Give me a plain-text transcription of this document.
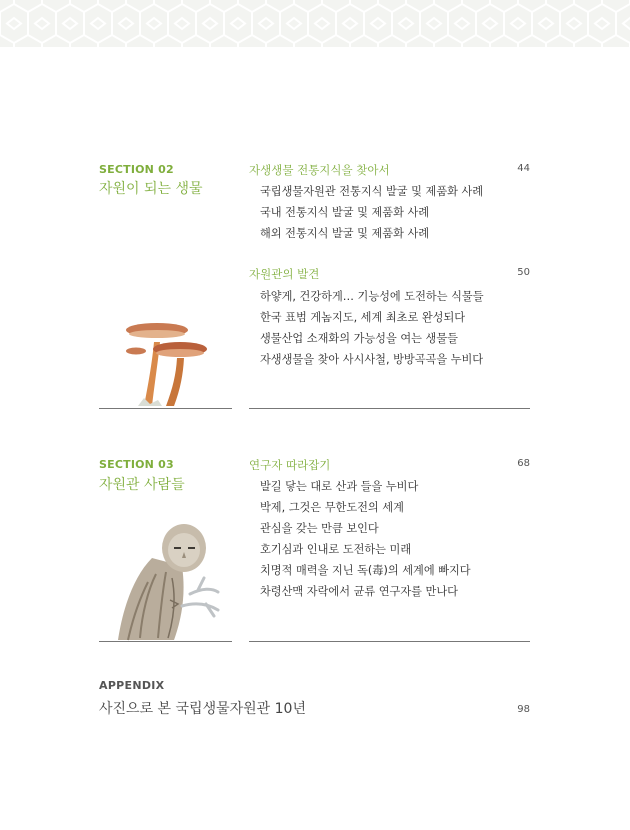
SECTION 02
자원이 되는 생물
자생생물 전통지식을 찾아서	44
국립생물자원관 전통지식 발굴 및 제품화 사례
국내 전통지식 발굴 및 제품화 사례
해외 전통지식 발굴 및 제품화 사례
자원관의 발견	50
하얗게, 건강하게… 기능성에 도전하는 식물들
한국 표범 게놈지도, 세계 최초로 완성되다
생물산업 소재화의 가능성을 여는 생물들
자생생물을 찾아 사시사철, 방방곡곡을 누비다
SECTION 03
자원관 사람들
연구자 따라잡기	68
발길 닿는 대로 산과 들을 누비다
박제, 그것은 무한도전의 세계
관심을 갖는 만큼 보인다
호기심과 인내로 도전하는 미래
치명적 매력을 지닌 독(毒)의 세계에 빠지다
차령산맥 자락에서 균류 연구자를 만나다
APPENDIX
사진으로 본 국립생물자원관 10년	98
